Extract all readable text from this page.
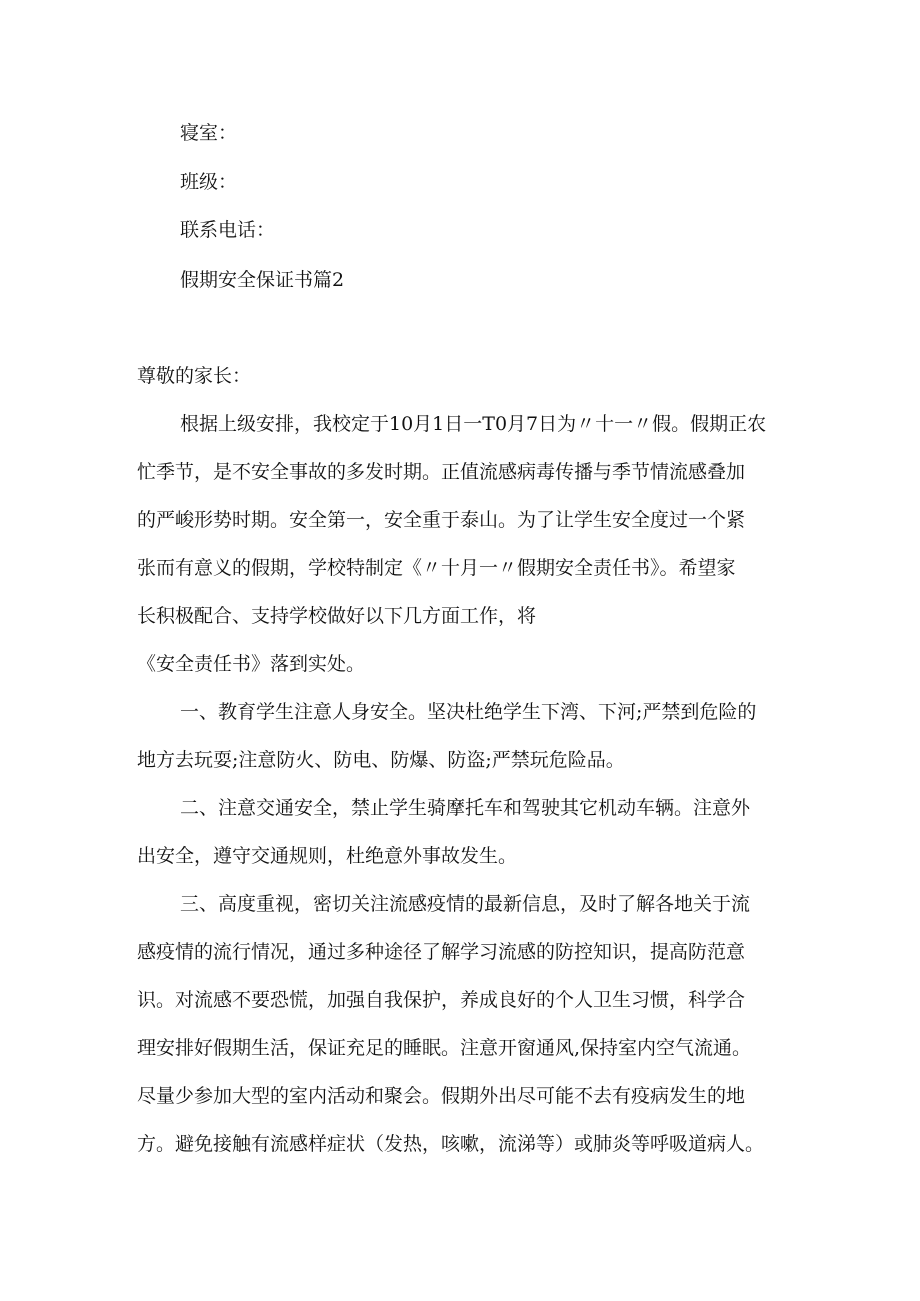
寝室：
班级：
联系电话：
假期安全保证书篇2
尊敬的家长：
根据上级安排，我校定于10月1日一T0月7日为〃十一〃假。假期正农
忙季节，是不安全事故的多发时期。正值流感病毒传播与季节情流感叠加
的严峻形势时期。安全第一，安全重于泰山。为了让学生安全度过一个紧
张而有意义的假期，学校特制定《〃十月一〃假期安全责任书》。希望家
长积极配合、支持学校做好以下几方面工作，将
《安全责任书》落到实处。
一、教育学生注意人身安全。坚决杜绝学生下湾、下河;严禁到危险的
地方去玩耍;注意防火、防电、防爆、防盗;严禁玩危险品。
二、注意交通安全，禁止学生骑摩托车和驾驶其它机动车辆。注意外
出安全，遵守交通规则，杜绝意外事故发生。
三、高度重视，密切关注流感疫情的最新信息，及时了解各地关于流
感疫情的流行情况，通过多种途径了解学习流感的防控知识，提高防范意
识。对流感不要恐慌，加强自我保护，养成良好的个人卫生习惯，科学合
理安排好假期生活，保证充足的睡眠。注意开窗通风,保持室内空气流通。
尽量少参加大型的室内活动和聚会。假期外出尽可能不去有疫病发生的地
方。避免接触有流感样症状（发热，咳嗽，流涕等）或肺炎等呼吸道病人。
